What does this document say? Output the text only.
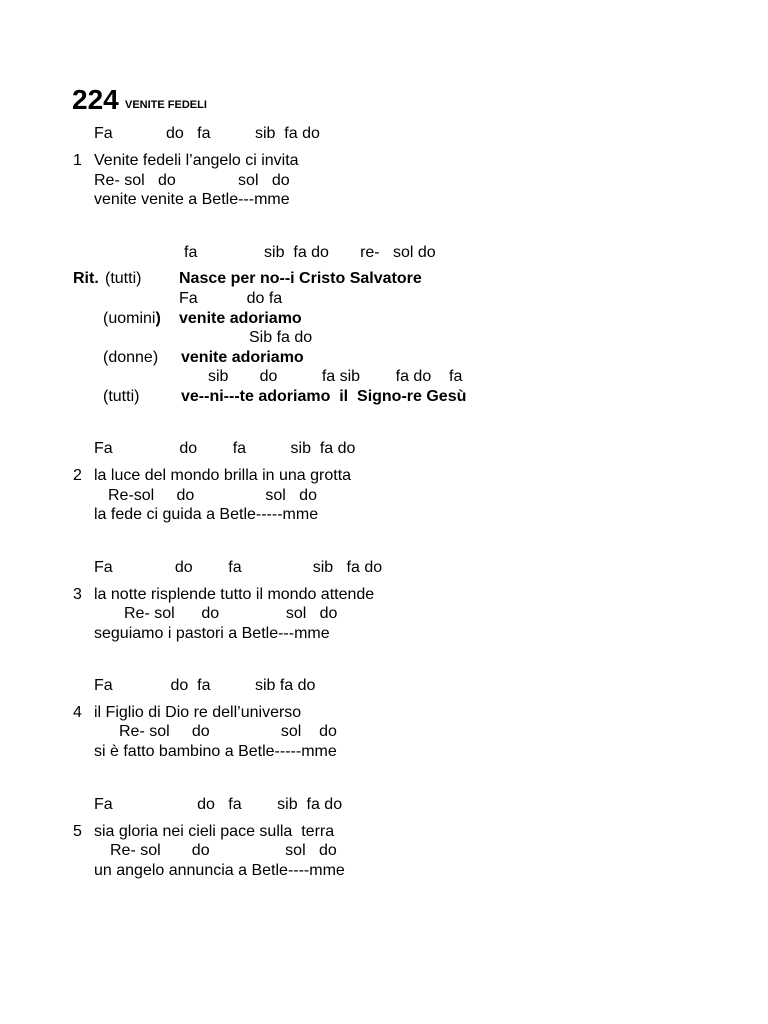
224 VENITE FEDELI
Fa            do   fa          sib  fa do
1 Venite fedeli l’angelo ci invita
Re- sol   do              sol   do
venite venite a Betle---mme
fa               sib  fa do       re-   sol do
Rit. (tutti) Nasce per no--i Cristo Salvatore
Fa           do fa
(uomini) venite adoriamo
Sib fa do
(donne) venite adoriamo
sib       do          fa sib        fa do    fa
(tutti)	ve--ni---te adoriamo  il  Signo-re Gesù
Fa               do        fa          sib  fa do
2 la luce del mondo brilla in una grotta
Re-sol     do                sol   do
la fede ci guida a Betle-----mme
Fa              do        fa                sib   fa do
3 la notte risplende tutto il mondo attende
Re- sol      do               sol   do
seguiamo i pastori a Betle---mme
Fa             do  fa          sib fa do
4 il Figlio di Dio re dell’universo
Re- sol     do                sol    do
si è fatto bambino a Betle-----mme
Fa                   do   fa        sib  fa do
5 sia gloria nei cieli pace sulla  terra
Re- sol       do                 sol   do
un angelo annuncia a Betle----mme
